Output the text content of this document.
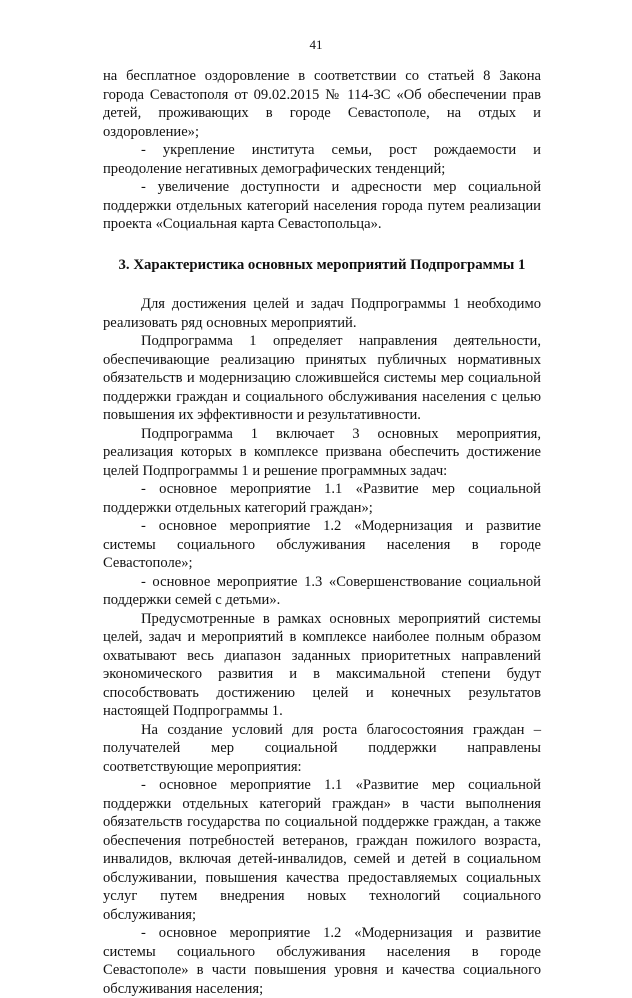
41

на бесплатное оздоровление в соответствии со статьей 8 Закона города Севастополя от 09.02.2015 № 114-ЗС «Об обеспечении прав детей, проживающих в городе Севастополе, на отдых и оздоровление»;

- укрепление института семьи, рост рождаемости и преодоление негативных демографических тенденций;

- увеличение доступности и адресности мер социальной поддержки отдельных категорий населения города путем реализации проекта «Социальная карта Севастопольца».

3. Характеристика основных мероприятий Подпрограммы 1

Для достижения целей и задач Подпрограммы 1 необходимо реализовать ряд основных мероприятий.

Подпрограмма 1 определяет направления деятельности, обеспечивающие реализацию принятых публичных нормативных обязательств и модернизацию сложившейся системы мер социальной поддержки граждан и социального обслуживания населения с целью повышения их эффективности и результативности.

Подпрограмма 1 включает 3 основных мероприятия, реализация которых в комплексе призвана обеспечить достижение целей Подпрограммы 1 и решение программных задач:

- основное мероприятие 1.1 «Развитие мер социальной поддержки отдельных категорий граждан»;

- основное мероприятие 1.2 «Модернизация и развитие системы социального обслуживания населения в городе Севастополе»;

- основное мероприятие 1.3 «Совершенствование социальной поддержки семей с детьми».

Предусмотренные в рамках основных мероприятий системы целей, задач и мероприятий в комплексе наиболее полным образом охватывают весь диапазон заданных приоритетных направлений экономического развития и в максимальной степени будут способствовать достижению целей и конечных результатов настоящей Подпрограммы 1.

На создание условий для роста благосостояния граждан – получателей мер социальной поддержки направлены соответствующие мероприятия:

- основное мероприятие 1.1 «Развитие мер социальной поддержки отдельных категорий граждан» в части выполнения обязательств государства по социальной поддержке граждан, а также обеспечения потребностей ветеранов, граждан пожилого возраста, инвалидов, включая детей-инвалидов, семей и детей в социальном обслуживании, повышения качества предоставляемых социальных услуг путем внедрения новых технологий социального обслуживания;

- основное мероприятие 1.2 «Модернизация и развитие системы социального обслуживания населения в городе Севастополе» в части повышения уровня и качества социального обслуживания населения;
